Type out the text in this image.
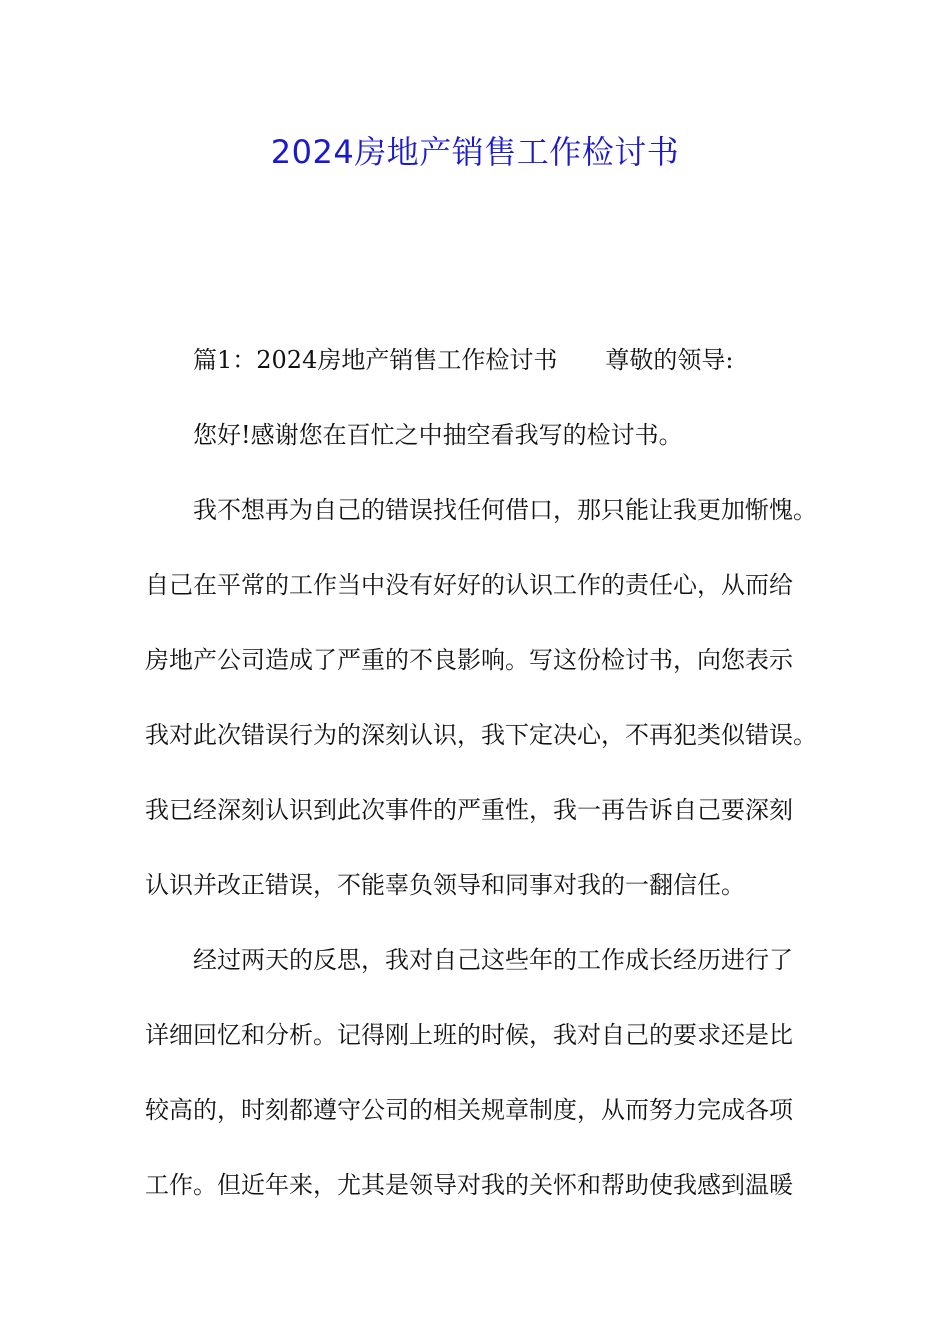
2024房地产销售工作检讨书
篇1：2024房地产销售工作检讨书 尊敬的领导:
您好!感谢您在百忙之中抽空看我写的检讨书。
我不想再为自己的错误找任何借口，那只能让我更加惭愧。
自己在平常的工作当中没有好好的认识工作的责任心，从而给
房地产公司造成了严重的不良影响。写这份检讨书，向您表示
我对此次错误行为的深刻认识，我下定决心，不再犯类似错误。
我已经深刻认识到此次事件的严重性，我一再告诉自己要深刻
认识并改正错误，不能辜负领导和同事对我的一翻信任。
经过两天的反思，我对自己这些年的工作成长经历进行了
详细回忆和分析。记得刚上班的时候，我对自己的要求还是比
较高的，时刻都遵守公司的相关规章制度，从而努力完成各项
工作。但近年来，尤其是领导对我的关怀和帮助使我感到温暖
